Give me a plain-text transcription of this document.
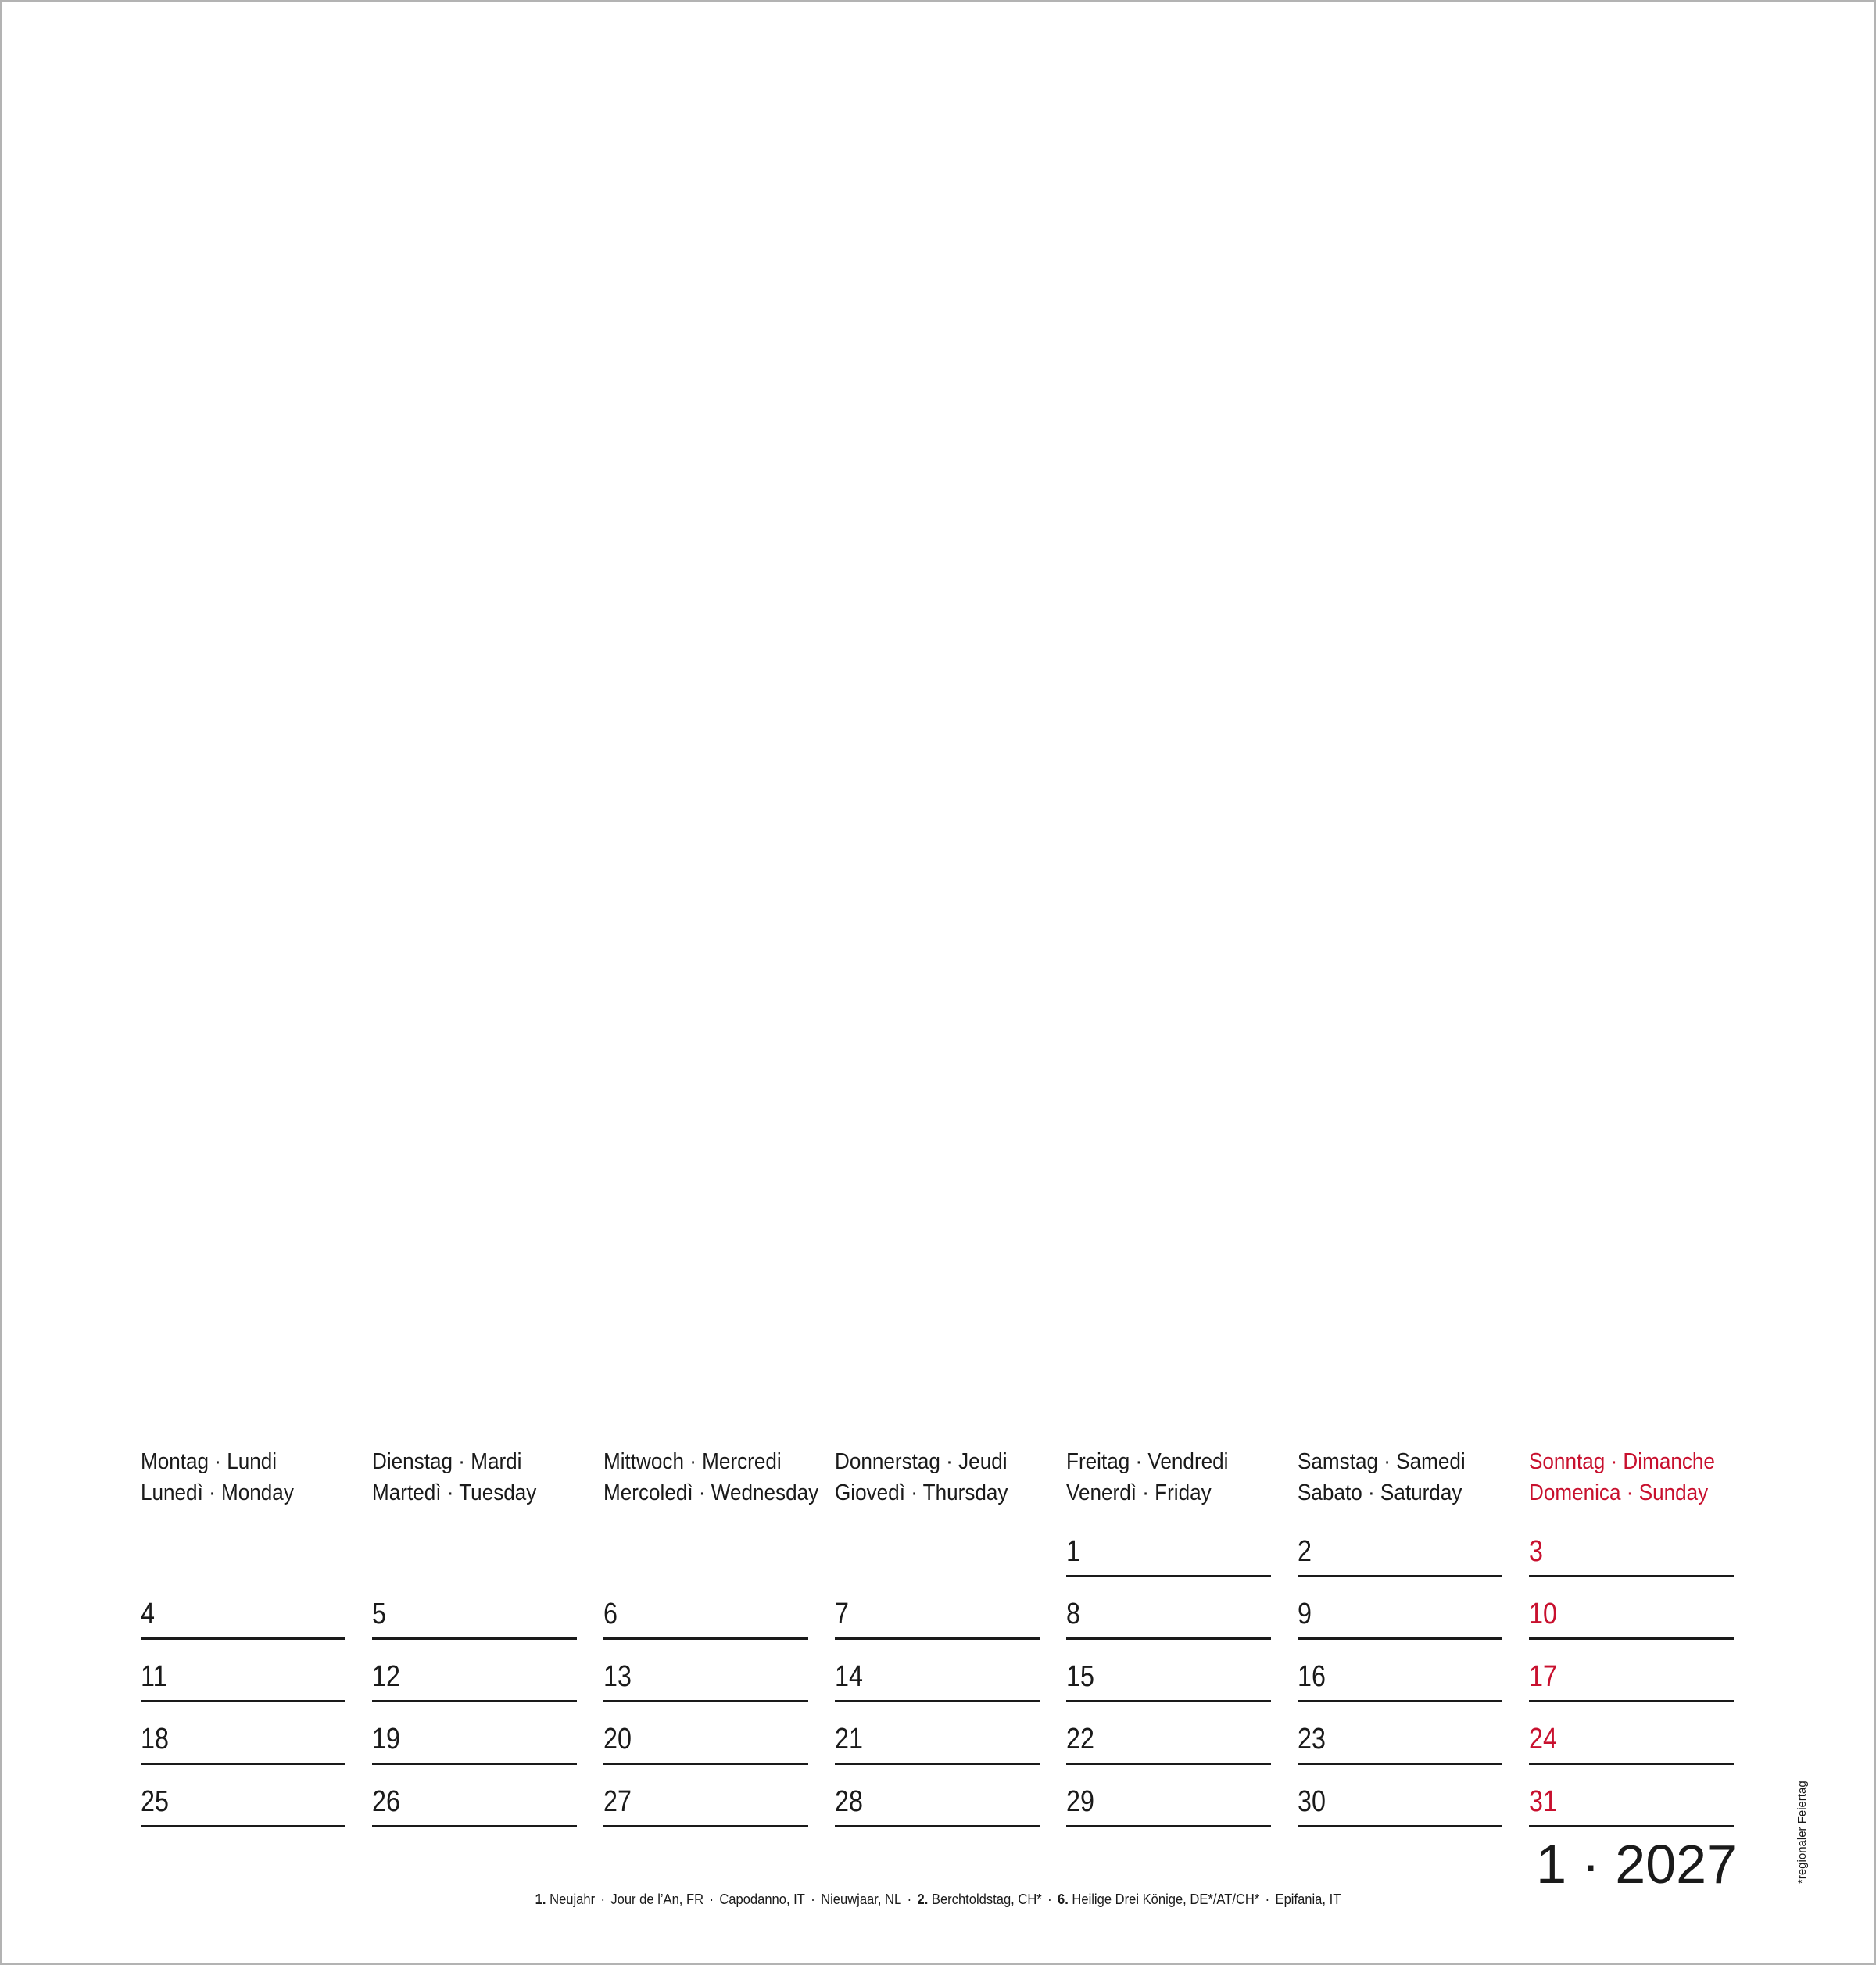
Montag · Lundi
Lunedì · Monday
4
11
18
25
Dienstag · Mardi
Martedì · Tuesday
5
12
19
26
Mittwoch · Mercredi
Mercoledì · Wednesday
6
13
20
27
Donnerstag · Jeudi
Giovedì · Thursday
7
14
21
28
Freitag · Vendredi
Venerdì · Friday
1
8
15
22
29
Samstag · Samedi
Sabato · Saturday
2
9
16
23
30
Sonntag · Dimanche
Domenica · Sunday
3
10
17
24
31
1 · 2027	*regionaler Feiertag
1. Neujahr · Jour de l’An, FR · Capodanno, IT · Nieuwjaar, NL · 2. Berchtoldstag, CH* · 6. Heilige Drei Könige, DE*/AT/CH* · Epifania, IT
